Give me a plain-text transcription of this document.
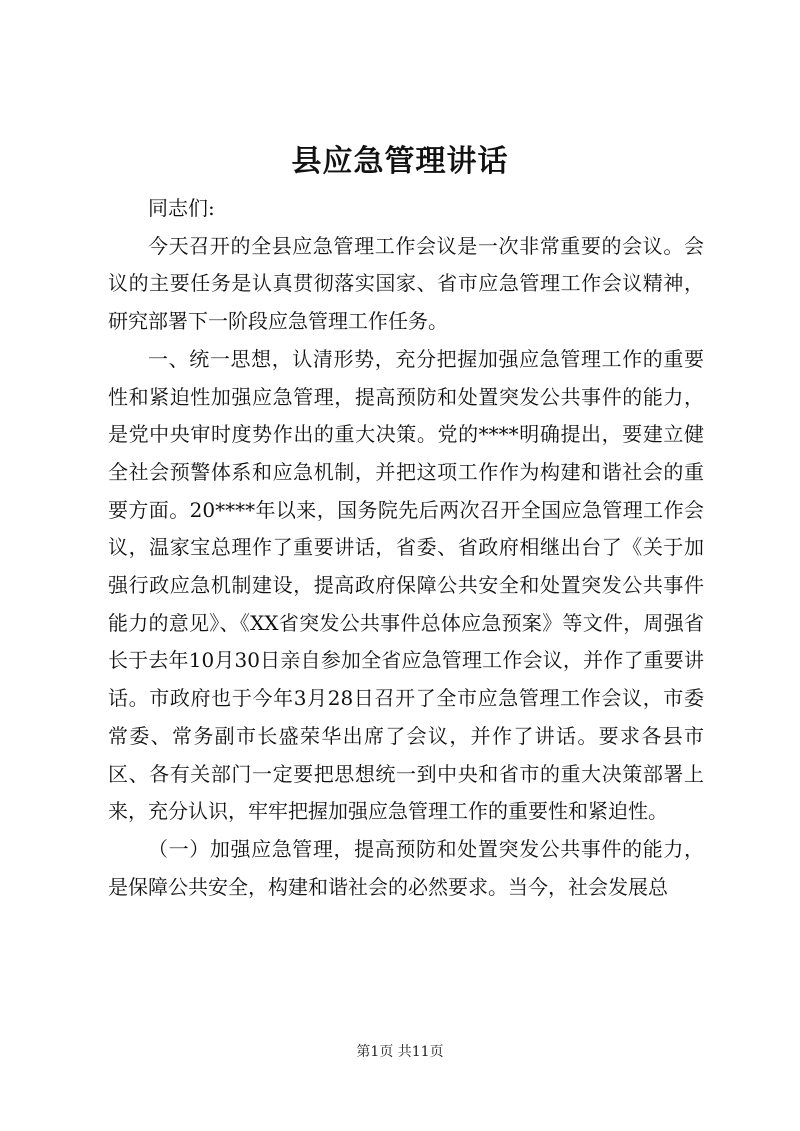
县应急管理讲话

同志们:

今天召开的全县应急管理工作会议是一次非常重要的会议。会议的主要任务是认真贯彻落实国家、省市应急管理工作会议精神，研究部署下一阶段应急管理工作任务。

一、统一思想，认清形势，充分把握加强应急管理工作的重要性和紧迫性加强应急管理，提高预防和处置突发公共事件的能力，是党中央审时度势作出的重大决策。党的****明确提出，要建立健全社会预警体系和应急机制，并把这项工作作为构建和谐社会的重要方面。20****年以来，国务院先后两次召开全国应急管理工作会议，温家宝总理作了重要讲话，省委、省政府相继出台了《关于加强行政应急机制建设，提高政府保障公共安全和处置突发公共事件能力的意见》、《XX省突发公共事件总体应急预案》等文件，周强省长于去年10月30日亲自参加全省应急管理工作会议，并作了重要讲话。市政府也于今年3月28日召开了全市应急管理工作会议，市委常委、常务副市长盛荣华出席了会议，并作了讲话。要求各县市区、各有关部门一定要把思想统一到中央和省市的重大决策部署上来，充分认识，牢牢把握加强应急管理工作的重要性和紧迫性。

（一）加强应急管理，提高预防和处置突发公共事件的能力，是保障公共安全，构建和谐社会的必然要求。当今，社会发展总

第1页 共11页
